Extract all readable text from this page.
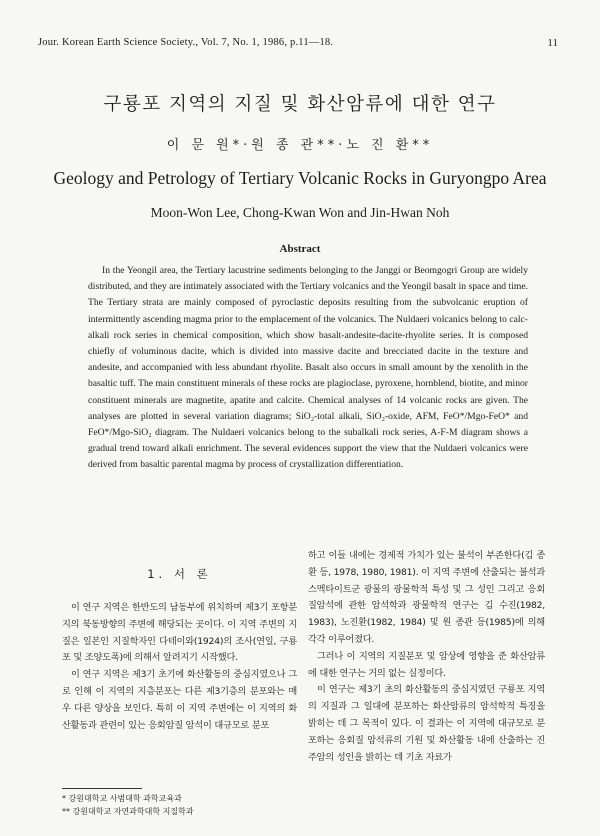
Jour. Korean Earth Science Society., Vol. 7, No. 1, 1986, p.11—18.	11
구룡포 지역의 지질 및 화산암류에 대한 연구
이 문 원*·원 종 관**·노 진 환**
Geology and Petrology of Tertiary Volcanic Rocks in Guryongpo Area
Moon-Won Lee, Chong-Kwan Won and Jin-Hwan Noh
Abstract

In the Yeongil area, the Tertiary lacustrine sediments belonging to the Janggi or Beomgogri Group are widely distributed, and they are intimately associated with the Tertiary volcanics and the Yeongil basalt in space and time. The Tertiary strata are mainly composed of pyroclastic deposits resulting from the subvolcanic eruption of intermittently ascending magma prior to the emplacement of the volcanics. The Nuldaeri volcanics belong to calc-alkali rock series in chemical composition, which show basalt-andesite-dacite-rhyolite series. It is composed chiefly of voluminous dacite, which is divided into massive dacite and brecciated dacite in the texture and andesite, and accompanied with less abundant rhyolite. Basalt also occurs in small amount by the xenolith in the basaltic tuff. The main constituent minerals of these rocks are plagioclase, pyroxene, hornblend, biotite, and minor constituent minerals are magnetite, apatite and calcite. Chemical analyses of 14 volcanic rocks are given. The analyses are plotted in several variation diagrams; SiO₂-total alkali, SiO₂-oxide, AFM, FeO*/Mgo-FeO* and FeO*/Mgo-SiO₂ diagram. The Nuldaeri volcanics belong to the subalkali rock series, A-F-M diagram shows a gradual trend toward alkali enrichment. The several evidences support the view that the Nuldaeri volcanics were derived from basaltic parental magma by process of crystallization differentiation.

1. 서 론

이 연구 지역은 한반도의 남동부에 위치하며 제3기 포항분지의 북동방향의 주변에 해당되는 곳이다. 이 지역 주변의 지질은 일본인 지질학자인 다테이와(1924)의 조사(연일, 구룡포 및 조양도폭)에 의해서 알려지기 시작했다.

이 연구 지역은 제3기 초기에 화산활동의 중심지였으나 그로 인해 이 지역의 지층분포는 다른 제3기층의 분포와는 매우 다른 양상을 보인다. 특히 이 지역 주변에는 이 지역의 화산활동과 관련이 있는 응회암질 암석이 대규모로 분포

하고 이들 내에는 경제적 가치가 있는 불석이 부존한다(김 종환 등, 1978, 1980, 1981). 이 지역 주변에 산출되는 불석과 스멕타이트군 광물의 광물학적 특성 및 그 성인 그리고 응회질암석에 관한 암석학과 광물학적 연구는 김 수진(1982, 1983), 노진환(1982, 1984) 및 원 종관 등(1985)에 의해 각각 이루어졌다.

그러나 이 지역의 지질분포 및 암상에 영향을 준 화산암류에 대한 연구는 거의 없는 실정이다.

이 연구는 제3기 초의 화산활동의 중심지였던 구룡포 지역의 지질과 그 일대에 분포하는 화산암류의 암석학적 특징을 밝히는 데 그 목적이 있다. 이 결과는 이 지역에 대규모로 분포하는 응회질 암석류의 기원 및 화산활동 내에 산출하는 진주암의 성인을 밝히는 데 기초 자료가

* 강원대학교 사범대학 과학교육과
** 강원대학교 자연과학대학 지질학과
